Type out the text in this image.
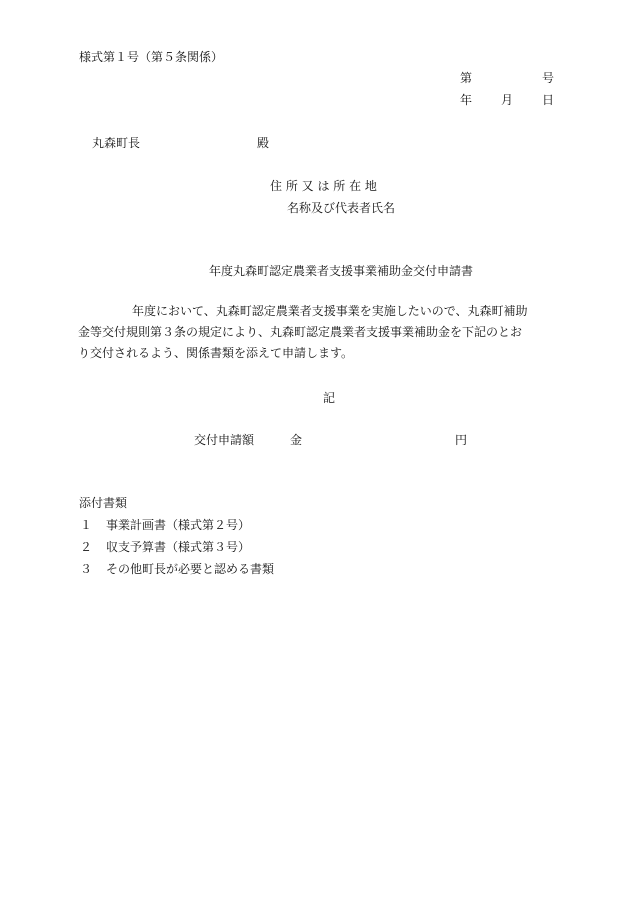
様式第１号（第５条関係）
第	号
年 月 日
丸森町長	殿
住 所 又 は 所 在 地
名称及び代表者氏名
年度丸森町認定農業者支援事業補助金交付申請書
年度において、丸森町認定農業者支援事業を実施したいので、丸森町補助
金等交付規則第３条の規定により、丸森町認定農業者支援事業補助金を下記のとお
り交付されるよう、関係書類を添えて申請します。
記
交付申請額	金	円
添付書類
１ 事業計画書（様式第２号）
２ 収支予算書（様式第３号）
３ その他町長が必要と認める書類
